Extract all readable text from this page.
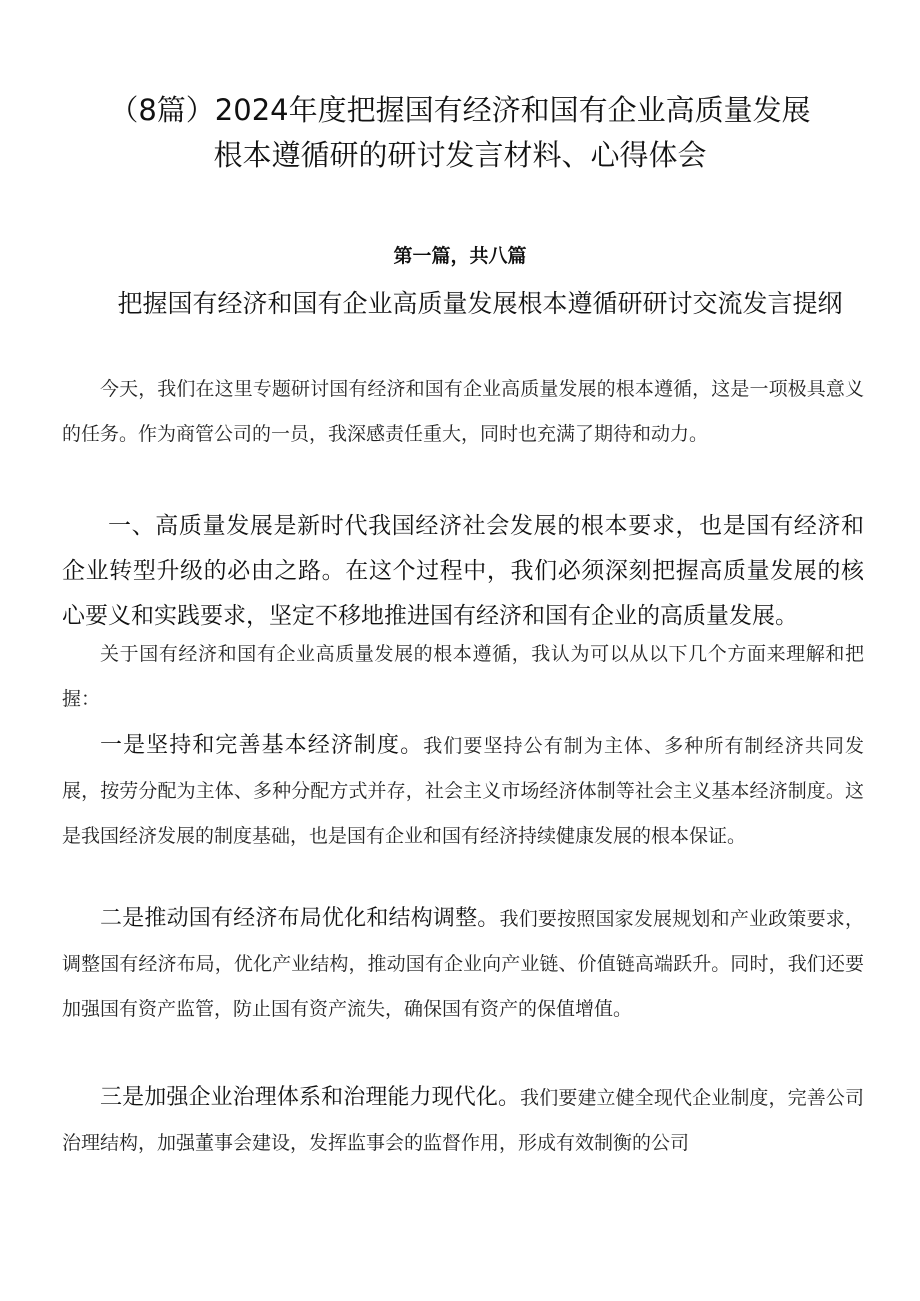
（8篇）2024年度把握国有经济和国有企业高质量发展
根本遵循研的研讨发言材料、心得体会
第一篇，共八篇
把握国有经济和国有企业高质量发展根本遵循研研讨交流发言提纲

今天，我们在这里专题研讨国有经济和国有企业高质量发展的根本遵循，这是一项极具意义的任务。作为商管公司的一员，我深感责任重大，同时也充满了期待和动力。

一、高质量发展是新时代我国经济社会发展的根本要求，也是国有经济和企业转型升级的必由之路。在这个过程中，我们必须深刻把握高质量发展的核心要义和实践要求，坚定不移地推进国有经济和国有企业的高质量发展。

关于国有经济和国有企业高质量发展的根本遵循，我认为可以从以下几个方面来理解和把握：

一是坚持和完善基本经济制度。我们要坚持公有制为主体、多种所有制经济共同发展，按劳分配为主体、多种分配方式并存，社会主义市场经济体制等社会主义基本经济制度。这是我国经济发展的制度基础，也是国有企业和国有经济持续健康发展的根本保证。

二是推动国有经济布局优化和结构调整。我们要按照国家发展规划和产业政策要求，调整国有经济布局，优化产业结构，推动国有企业向产业链、价值链高端跃升。同时，我们还要加强国有资产监管，防止国有资产流失，确保国有资产的保值增值。

三是加强企业治理体系和治理能力现代化。我们要建立健全现代企业制度，完善公司治理结构，加强董事会建设，发挥监事会的监督作用，形成有效制衡的公司
